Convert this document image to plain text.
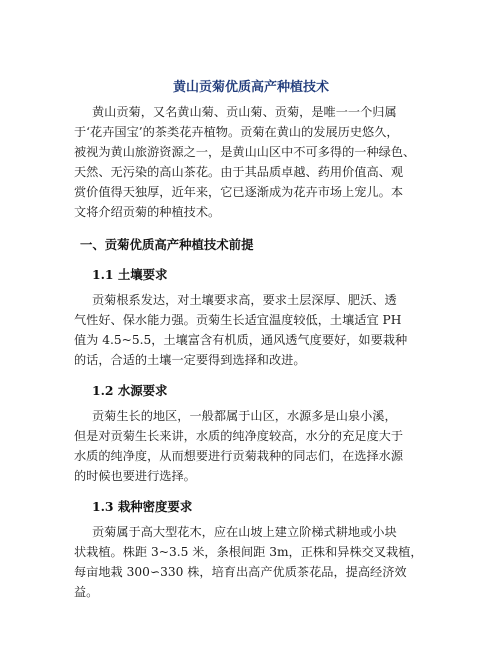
黄山贡菊优质高产种植技术
黄山贡菊，又名黄山菊、贡山菊、贡菊，是唯一一个归属
于‘花卉国宝’的茶类花卉植物。贡菊在黄山的发展历史悠久，
被视为黄山旅游资源之一，是黄山山区中不可多得的一种绿色、
天然、无污染的高山茶花。由于其品质卓越、药用价值高、观
赏价值得天独厚，近年来，它已逐渐成为花卉市场上宠儿。本
文将介绍贡菊的种植技术。
一、贡菊优质高产种植技术前提
1.1 土壤要求
贡菊根系发达，对土壤要求高，要求土层深厚、肥沃、透
气性好、保水能力强。贡菊生长适宜温度较低，土壤适宜 PH
值为 4.5~5.5，土壤富含有机质，通风透气度要好，如要栽种
的话，合适的土壤一定要得到选择和改进。
1.2 水源要求
贡菊生长的地区，一般都属于山区，水源多是山泉小溪，
但是对贡菊生长来讲，水质的纯净度较高，水分的充足度大于
水质的纯净度，从而想要进行贡菊栽种的同志们，在选择水源
的时候也要进行选择。
1.3 栽种密度要求
贡菊属于高大型花木，应在山坡上建立阶梯式耕地或小块
状栽植。株距 3~3.5 米，条根间距 3m，正株和异株交叉栽植，
每亩地栽 300∽330 株，培育出高产优质茶花品，提高经济效
益。
